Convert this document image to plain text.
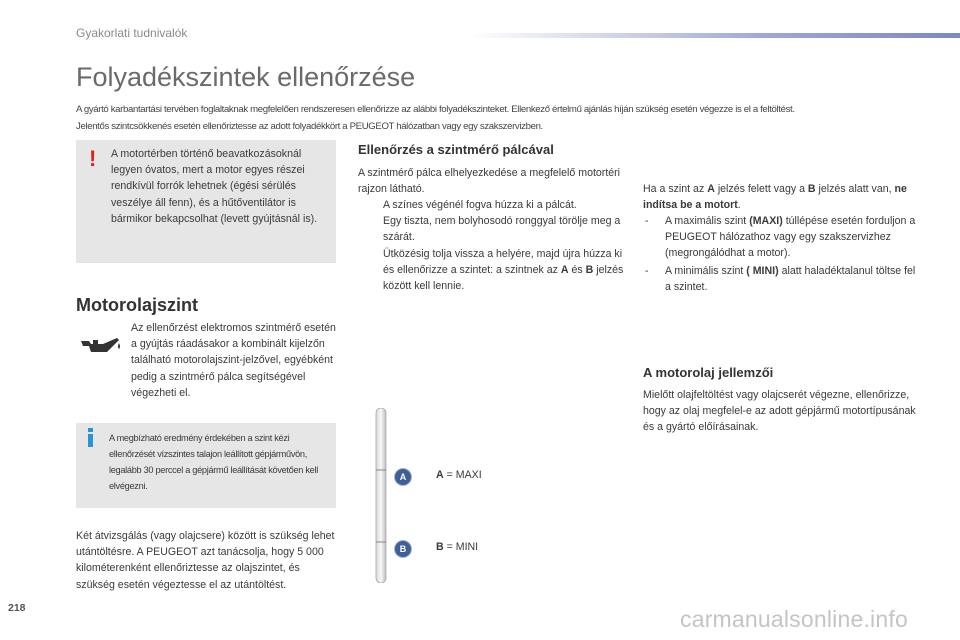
Gyakorlati tudnivalók
Folyadékszintek ellenőrzése
A gyártó karbantartási tervében foglaltaknak megfelelően rendszeresen ellenőrizze az alábbi folyadékszinteket. Ellenkező értelmű ajánlás híján szükség esetén végezze is el a feltöltést.
Jelentős szintcsökkenés esetén ellenőriztesse az adott folyadékkört a PEUGEOT hálózatban vagy egy szakszervizben.
! A motortérben történő beavatkozásoknál legyen óvatos, mert a motor egyes részei rendkívül forrók lehetnek (égési sérülés veszélye áll fenn), és a hűtőventilátor is bármikor bekapcsolhat (levett gyújtásnál is).
Motorolajszint
Az ellenőrzést elektromos szintmérő esetén a gyújtás ráadásakor a kombinált kijelzőn található motorolajszint-jelzővel, egyébként pedig a szintmérő pálca segítségével végezheti el.
A megbízható eredmény érdekében a szint kézi ellenőrzését vízszintes talajon leállított gépjárművön, legalább 30 perccel a gépjármű leállítását követően kell elvégezni.
Két átvizsgálás (vagy olajcsere) között is szükség lehet utántöltésre. A PEUGEOT azt tanácsolja, hogy 5 000 kilométerenként ellenőriztesse az olajszintet, és szükség esetén végeztesse el az utántöltést.
Ellenőrzés a szintmérő pálcával
A szintmérő pálca elhelyezkedése a megfelelő motortéri rajzon látható.
A színes végénél fogva húzza ki a pálcát.
Egy tiszta, nem bolyhosodó ronggyal törölje meg a szárát.
Ütközésig tolja vissza a helyére, majd újra húzza ki és ellenőrizze a szintet: a szintnek az A és B jelzés között kell lennie.
Ha a szint az A jelzés felett vagy a B jelzés alatt van, ne indítsa be a motort.
- A maximális szint (MAXI) túllépése esetén forduljon a PEUGEOT hálózathoz vagy egy szakszervizhez (megrongálódhat a motor).
- A minimális szint ( MINI) alatt haladéktalanul töltse fel a szintet.
A motorolaj jellemzői
Mielőtt olajfeltöltést vagy olajcserét végezne, ellenőrizze, hogy az olaj megfelel-e az adott gépjármű motortípusának és a gyártó előírásainak.
A
B
A = MAXI
B = MINI
218	carmanualsonline.info
